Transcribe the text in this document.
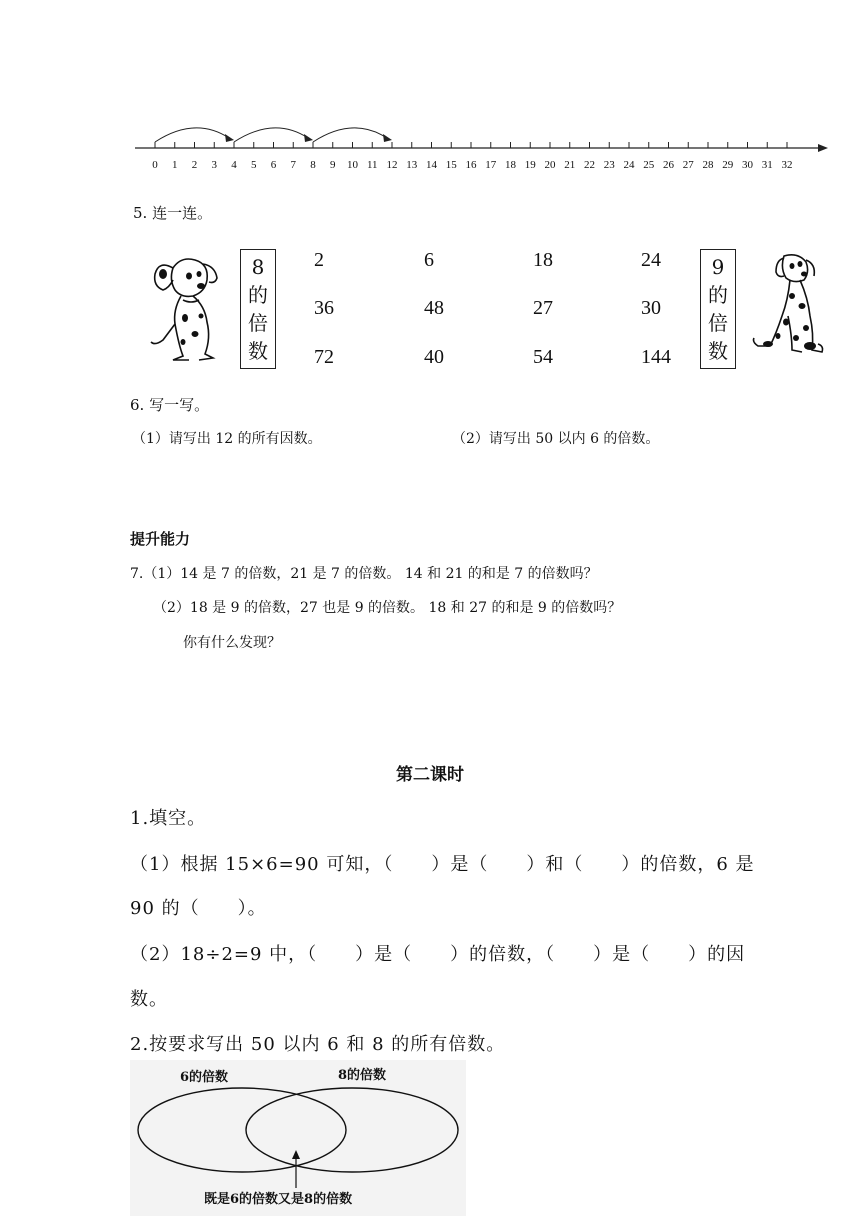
0 1 2 3 4 5 6 7 8 9 10 11 12 13 14 15 16 17 18 19 20 21 22 23 24 25 26 27 28 29 30 31 32
5. 连一连。
8
的
倍
数
2	6	18	24
36	48	27	30
72	40	54	144
9
的
倍
数
6. 写一写。
（1）请写出 12 的所有因数。	（2）请写出 50 以内 6 的倍数。
提升能力
7.（1）14 是 7 的倍数，21 是 7 的倍数。 14 和 21 的和是 7 的倍数吗？
（2）18 是 9 的倍数，27 也是 9 的倍数。 18 和 27 的和是 9 的倍数吗？
你有什么发现？
第二课时
1.填空。
（1）根据 15×6=90 可知，（　　）是（　　）和（　　）的倍数，6 是
90 的（　　）。
（2）18÷2=9 中，（　　）是（　　）的倍数，（　　）是（　　）的因
数。
2.按要求写出 50 以内 6 和 8 的所有倍数。
6的倍数	8的倍数
既是6的倍数又是8的倍数
